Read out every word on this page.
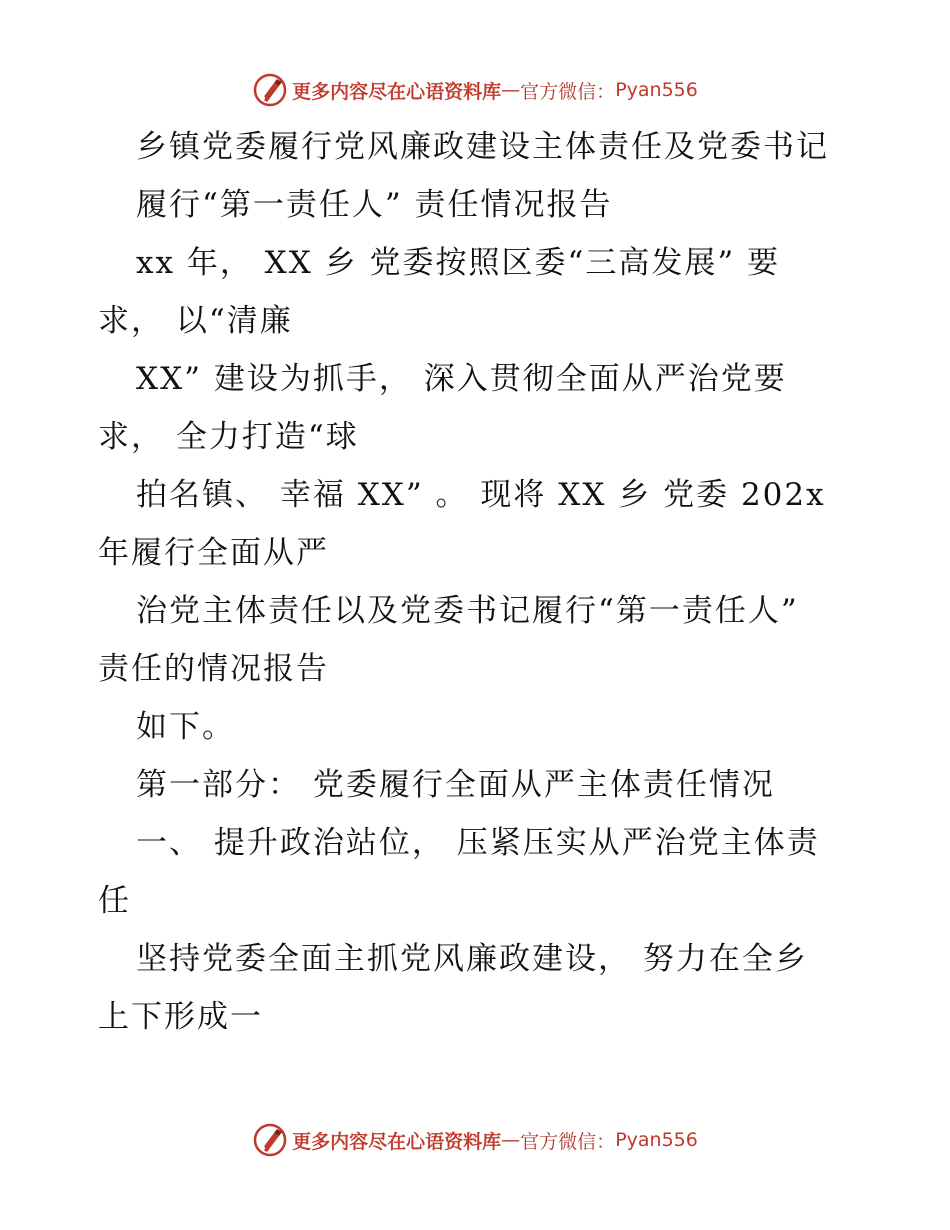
更多内容尽在心语资料库 — 官方微信： Pyan556
乡镇党委履行党风廉政建设主体责任及党委书记
履行“第一责任人” 责任情况报告
xx 年， XX 乡 党委按照区委“三高发展” 要
求， 以“清廉
XX” 建设为抓手， 深入贯彻全面从严治党要
求， 全力打造“球
拍名镇、 幸福 XX” 。 现将 XX 乡 党委 202x
年履行全面从严
治党主体责任以及党委书记履行“第一责任人”
责任的情况报告
如下。
第一部分： 党委履行全面从严主体责任情况
一、 提升政治站位， 压紧压实从严治党主体责
任
坚持党委全面主抓党风廉政建设， 努力在全乡
上下形成一
更多内容尽在心语资料库 — 官方微信： Pyan556
